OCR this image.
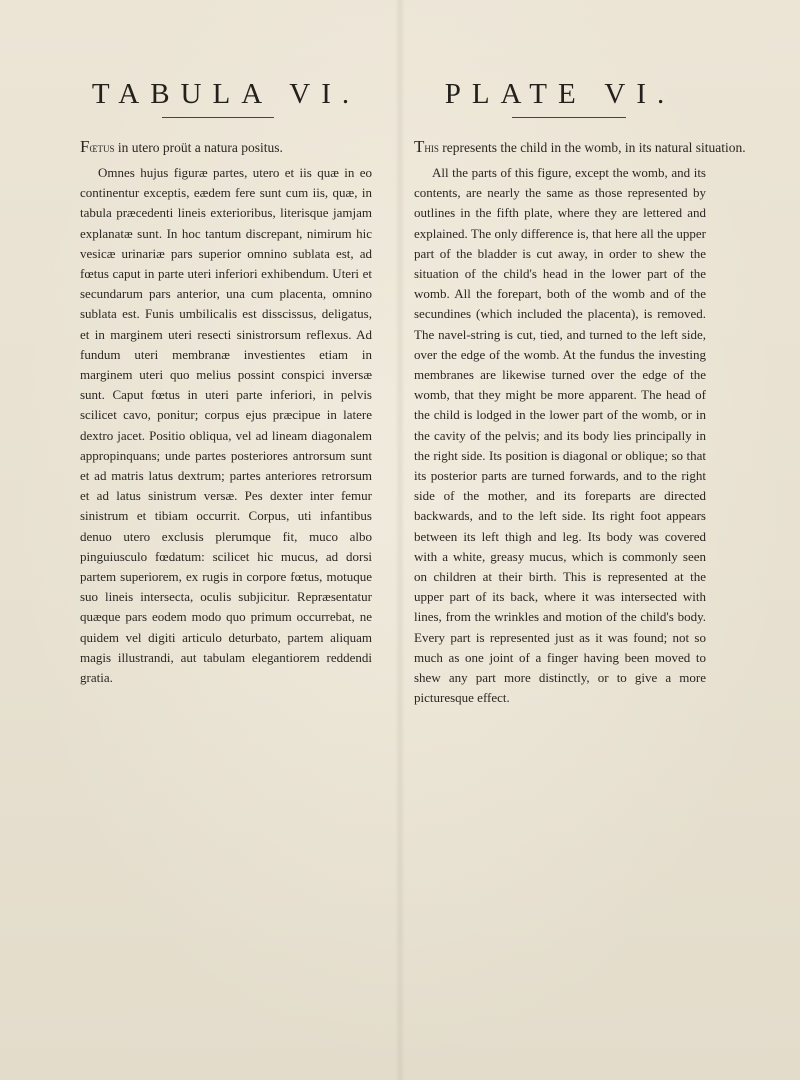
TABULA VI.
Fœtus in utero proüt a natura positus.
Omnes hujus figuræ partes, utero et iis quæ in eo continentur exceptis, eædem fere sunt cum iis, quæ, in tabula præcedenti lineis exterioribus, literisque jamjam explanatæ sunt. In hoc tantum discrepant, nimirum hic vesicæ urinariæ pars superior omnino sublata est, ad fœtus caput in parte uteri inferiori exhibendum. Uteri et secundarum pars anterior, una cum placenta, omnino sublata est. Funis umbilicalis est disscissus, deligatus, et in marginem uteri resecti sinistrorsum reflexus. Ad fundum uteri membranæ investientes etiam in marginem uteri quo melius possint conspici inversæ sunt. Caput fœtus in uteri parte inferiori, in pelvis scilicet cavo, ponitur; corpus ejus præcipue in latere dextro jacet. Positio obliqua, vel ad lineam diagonalem appropinquans; unde partes posteriores antrorsum sunt et ad matris latus dextrum; partes anteriores retrorsum et ad latus sinistrum versæ. Pes dexter inter femur sinistrum et tibiam occurrit. Corpus, uti infantibus denuo utero exclusis plerumque fit, muco albo pinguiusculo fœdatum: scilicet hic mucus, ad dorsi partem superiorem, ex rugis in corpore fœtus, motuque suo lineis intersecta, oculis subjicitur. Repræsentatur quæque pars eodem modo quo primum occurrebat, ne quidem vel digiti articulo deturbato, partem aliquam magis illustrandi, aut tabulam elegantiorem reddendi gratia.
PLATE VI.
This represents the child in the womb, in its natural situation.
All the parts of this figure, except the womb, and its contents, are nearly the same as those represented by outlines in the fifth plate, where they are lettered and explained. The only difference is, that here all the upper part of the bladder is cut away, in order to shew the situation of the child's head in the lower part of the womb. All the forepart, both of the womb and of the secundines (which included the placenta), is removed. The navel-string is cut, tied, and turned to the left side, over the edge of the womb. At the fundus the investing membranes are likewise turned over the edge of the womb, that they might be more apparent. The head of the child is lodged in the lower part of the womb, or in the cavity of the pelvis; and its body lies principally in the right side. Its position is diagonal or oblique; so that its posterior parts are turned forwards, and to the right side of the mother, and its foreparts are directed backwards, and to the left side. Its right foot appears between its left thigh and leg. Its body was covered with a white, greasy mucus, which is commonly seen on children at their birth. This is represented at the upper part of its back, where it was intersected with lines, from the wrinkles and motion of the child's body. Every part is represented just as it was found; not so much as one joint of a finger having been moved to shew any part more distinctly, or to give a more picturesque effect.
